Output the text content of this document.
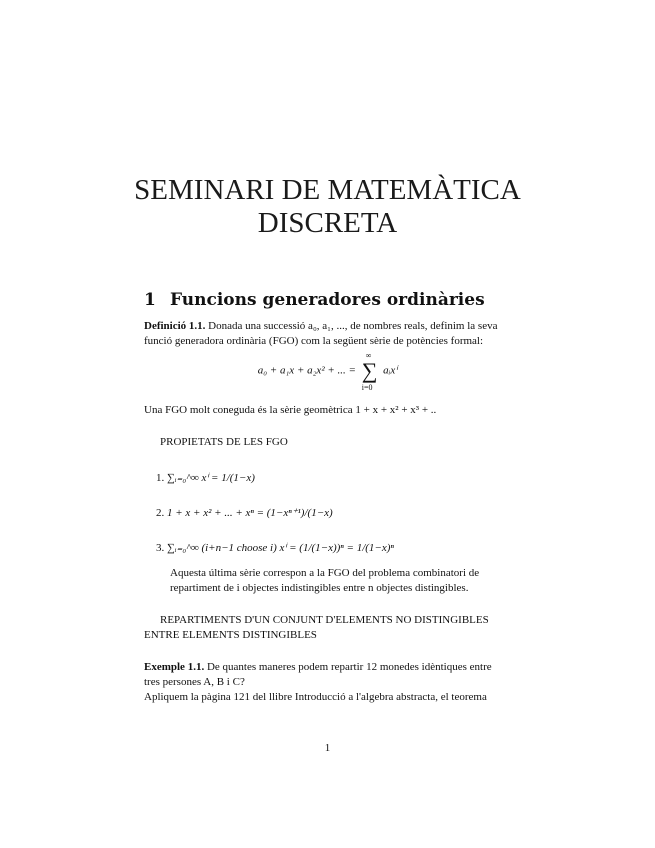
SEMINARI DE MATEMÀTICA
DISCRETA
1 Funcions generadores ordinàries
Definició 1.1. Donada una successió a₀, a₁, ..., de nombres reals, definim la seva
funció generadora ordinària (FGO) com la següent sèrie de potències formal:
a₀ + a₁x + a₂x² + ... =
∞
∑
i=0
aᵢxⁱ
Una FGO molt coneguda és la sèrie geomètrica 1 + x + x² + x³ + ..
PROPIETATS DE LES FGO
1. ∑ᵢ₌₀^∞ xⁱ = 1/(1−x)
2. 1 + x + x² + ... + xⁿ = (1−xⁿ⁺¹)/(1−x)
3. ∑ᵢ₌₀^∞ (i+n−1 choose i) xⁱ = (1/(1−x))ⁿ = 1/(1−x)ⁿ
Aquesta última sèrie correspon a la FGO del problema combinatori de
repartiment de i objectes indistingibles entre n objectes distingibles.
REPARTIMENTS D'UN CONJUNT D'ELEMENTS NO DISTINGIBLES
ENTRE ELEMENTS DISTINGIBLES
Exemple 1.1. De quantes maneres podem repartir 12 monedes idèntiques entre
tres persones A, B i C?
Apliquem la pàgina 121 del llibre Introducció a l'algebra abstracta, el teorema
1
